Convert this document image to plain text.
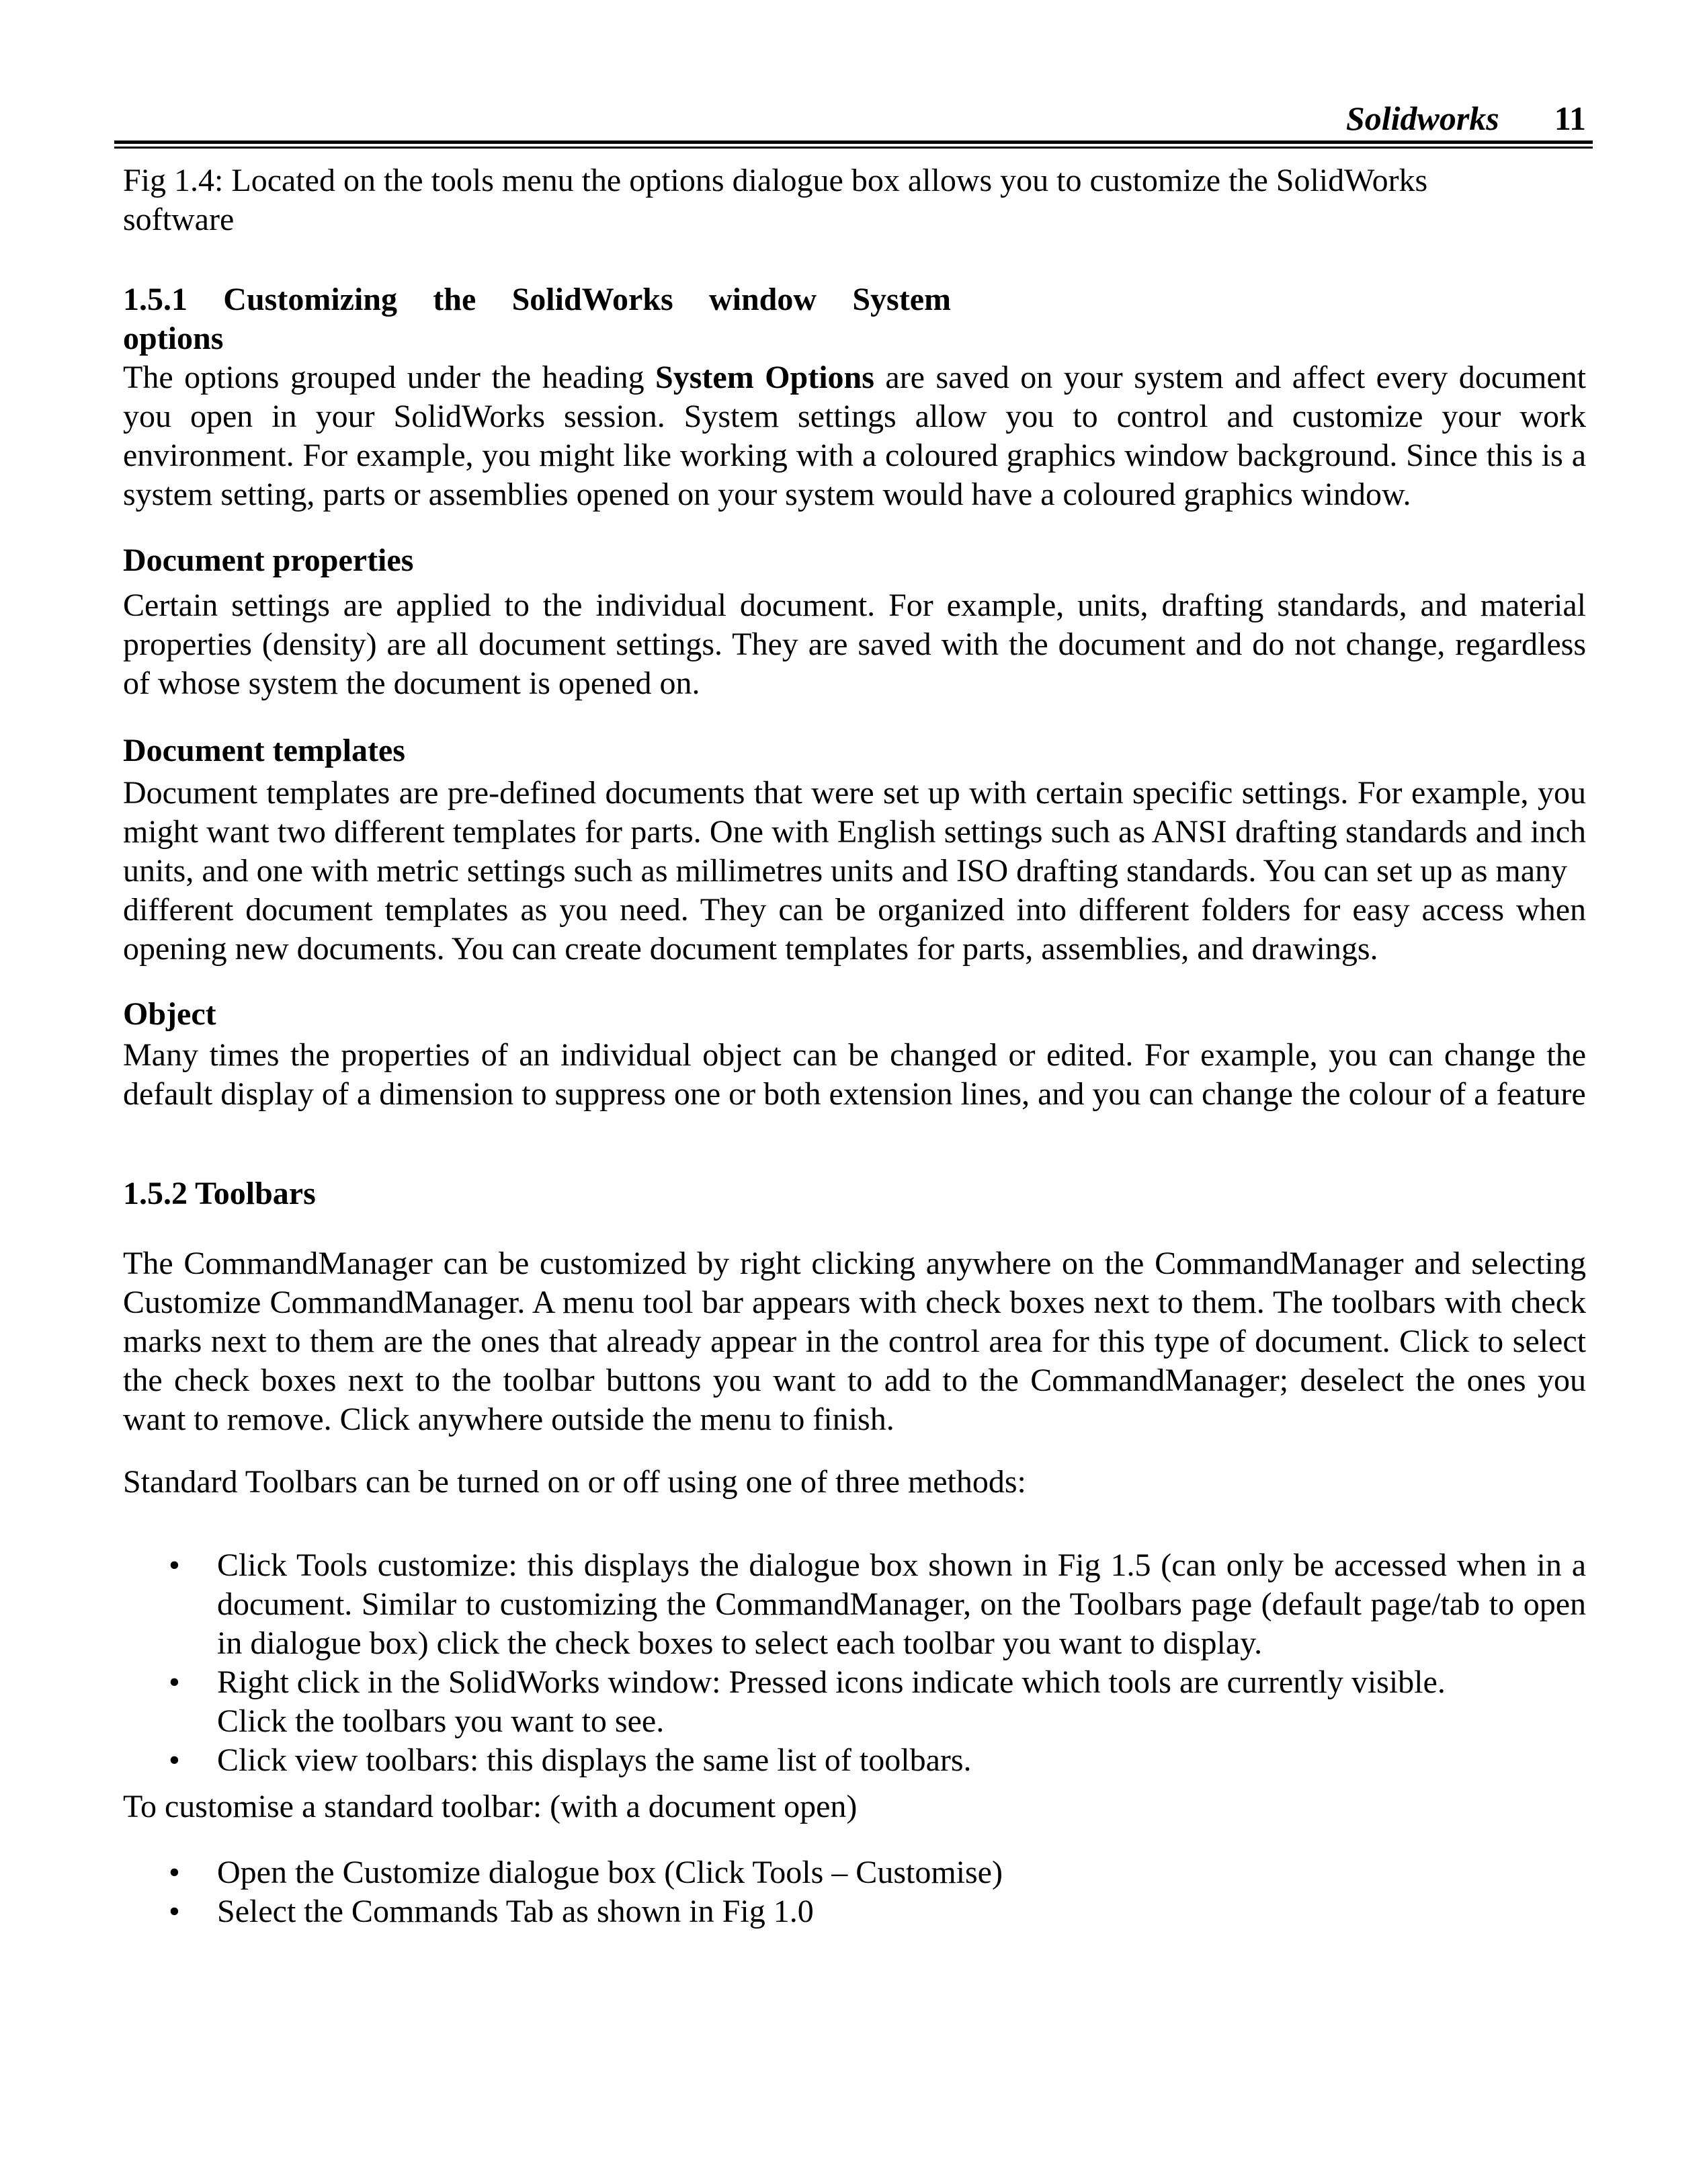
Solidworks 11
Fig 1.4: Located on the tools menu the options dialogue box allows you to customize the SolidWorks
software
1.5.1 Customizing the SolidWorks window System
options
The options grouped under the heading System Options are saved on your system and affect every document you open in your SolidWorks session. System settings allow you to control and customize your work environment. For example, you might like working with a coloured graphics window background. Since this is a system setting, parts or assemblies opened on your system would have a coloured graphics window.
Document properties
Certain settings are applied to the individual document. For example, units, drafting standards, and material properties (density) are all document settings. They are saved with the document and do not change, regardless of whose system the document is opened on.
Document templates
Document templates are pre-defined documents that were set up with certain specific settings. For example, you might want two different templates for parts. One with English settings such as ANSI drafting standards and inch units, and one with metric settings such as millimetres units and ISO drafting standards. You can set up as many
different document templates as you need. They can be organized into different folders for easy access when opening new documents. You can create document templates for parts, assemblies, and drawings.
Object
Many times the properties of an individual object can be changed or edited. For example, you can change the default display of a dimension to suppress one or both extension lines, and you can change the colour of a feature
1.5.2 Toolbars
The CommandManager can be customized by right clicking anywhere on the CommandManager and selecting Customize CommandManager. A menu tool bar appears with check boxes next to them. The toolbars with check marks next to them are the ones that already appear in the control area for this type of document. Click to select the check boxes next to the toolbar buttons you want to add to the CommandManager; deselect the ones you want to remove. Click anywhere outside the menu to finish.
Standard Toolbars can be turned on or off using one of three methods:
• Click Tools customize: this displays the dialogue box shown in Fig 1.5 (can only be accessed when in a document. Similar to customizing the CommandManager, on the Toolbars page (default page/tab to open in dialogue box) click the check boxes to select each toolbar you want to display.
• Right click in the SolidWorks window: Pressed icons indicate which tools are currently visible.
Click the toolbars you want to see.
• Click view toolbars: this displays the same list of toolbars.
To customise a standard toolbar: (with a document open)
• Open the Customize dialogue box (Click Tools – Customise)
• Select the Commands Tab as shown in Fig 1.0
